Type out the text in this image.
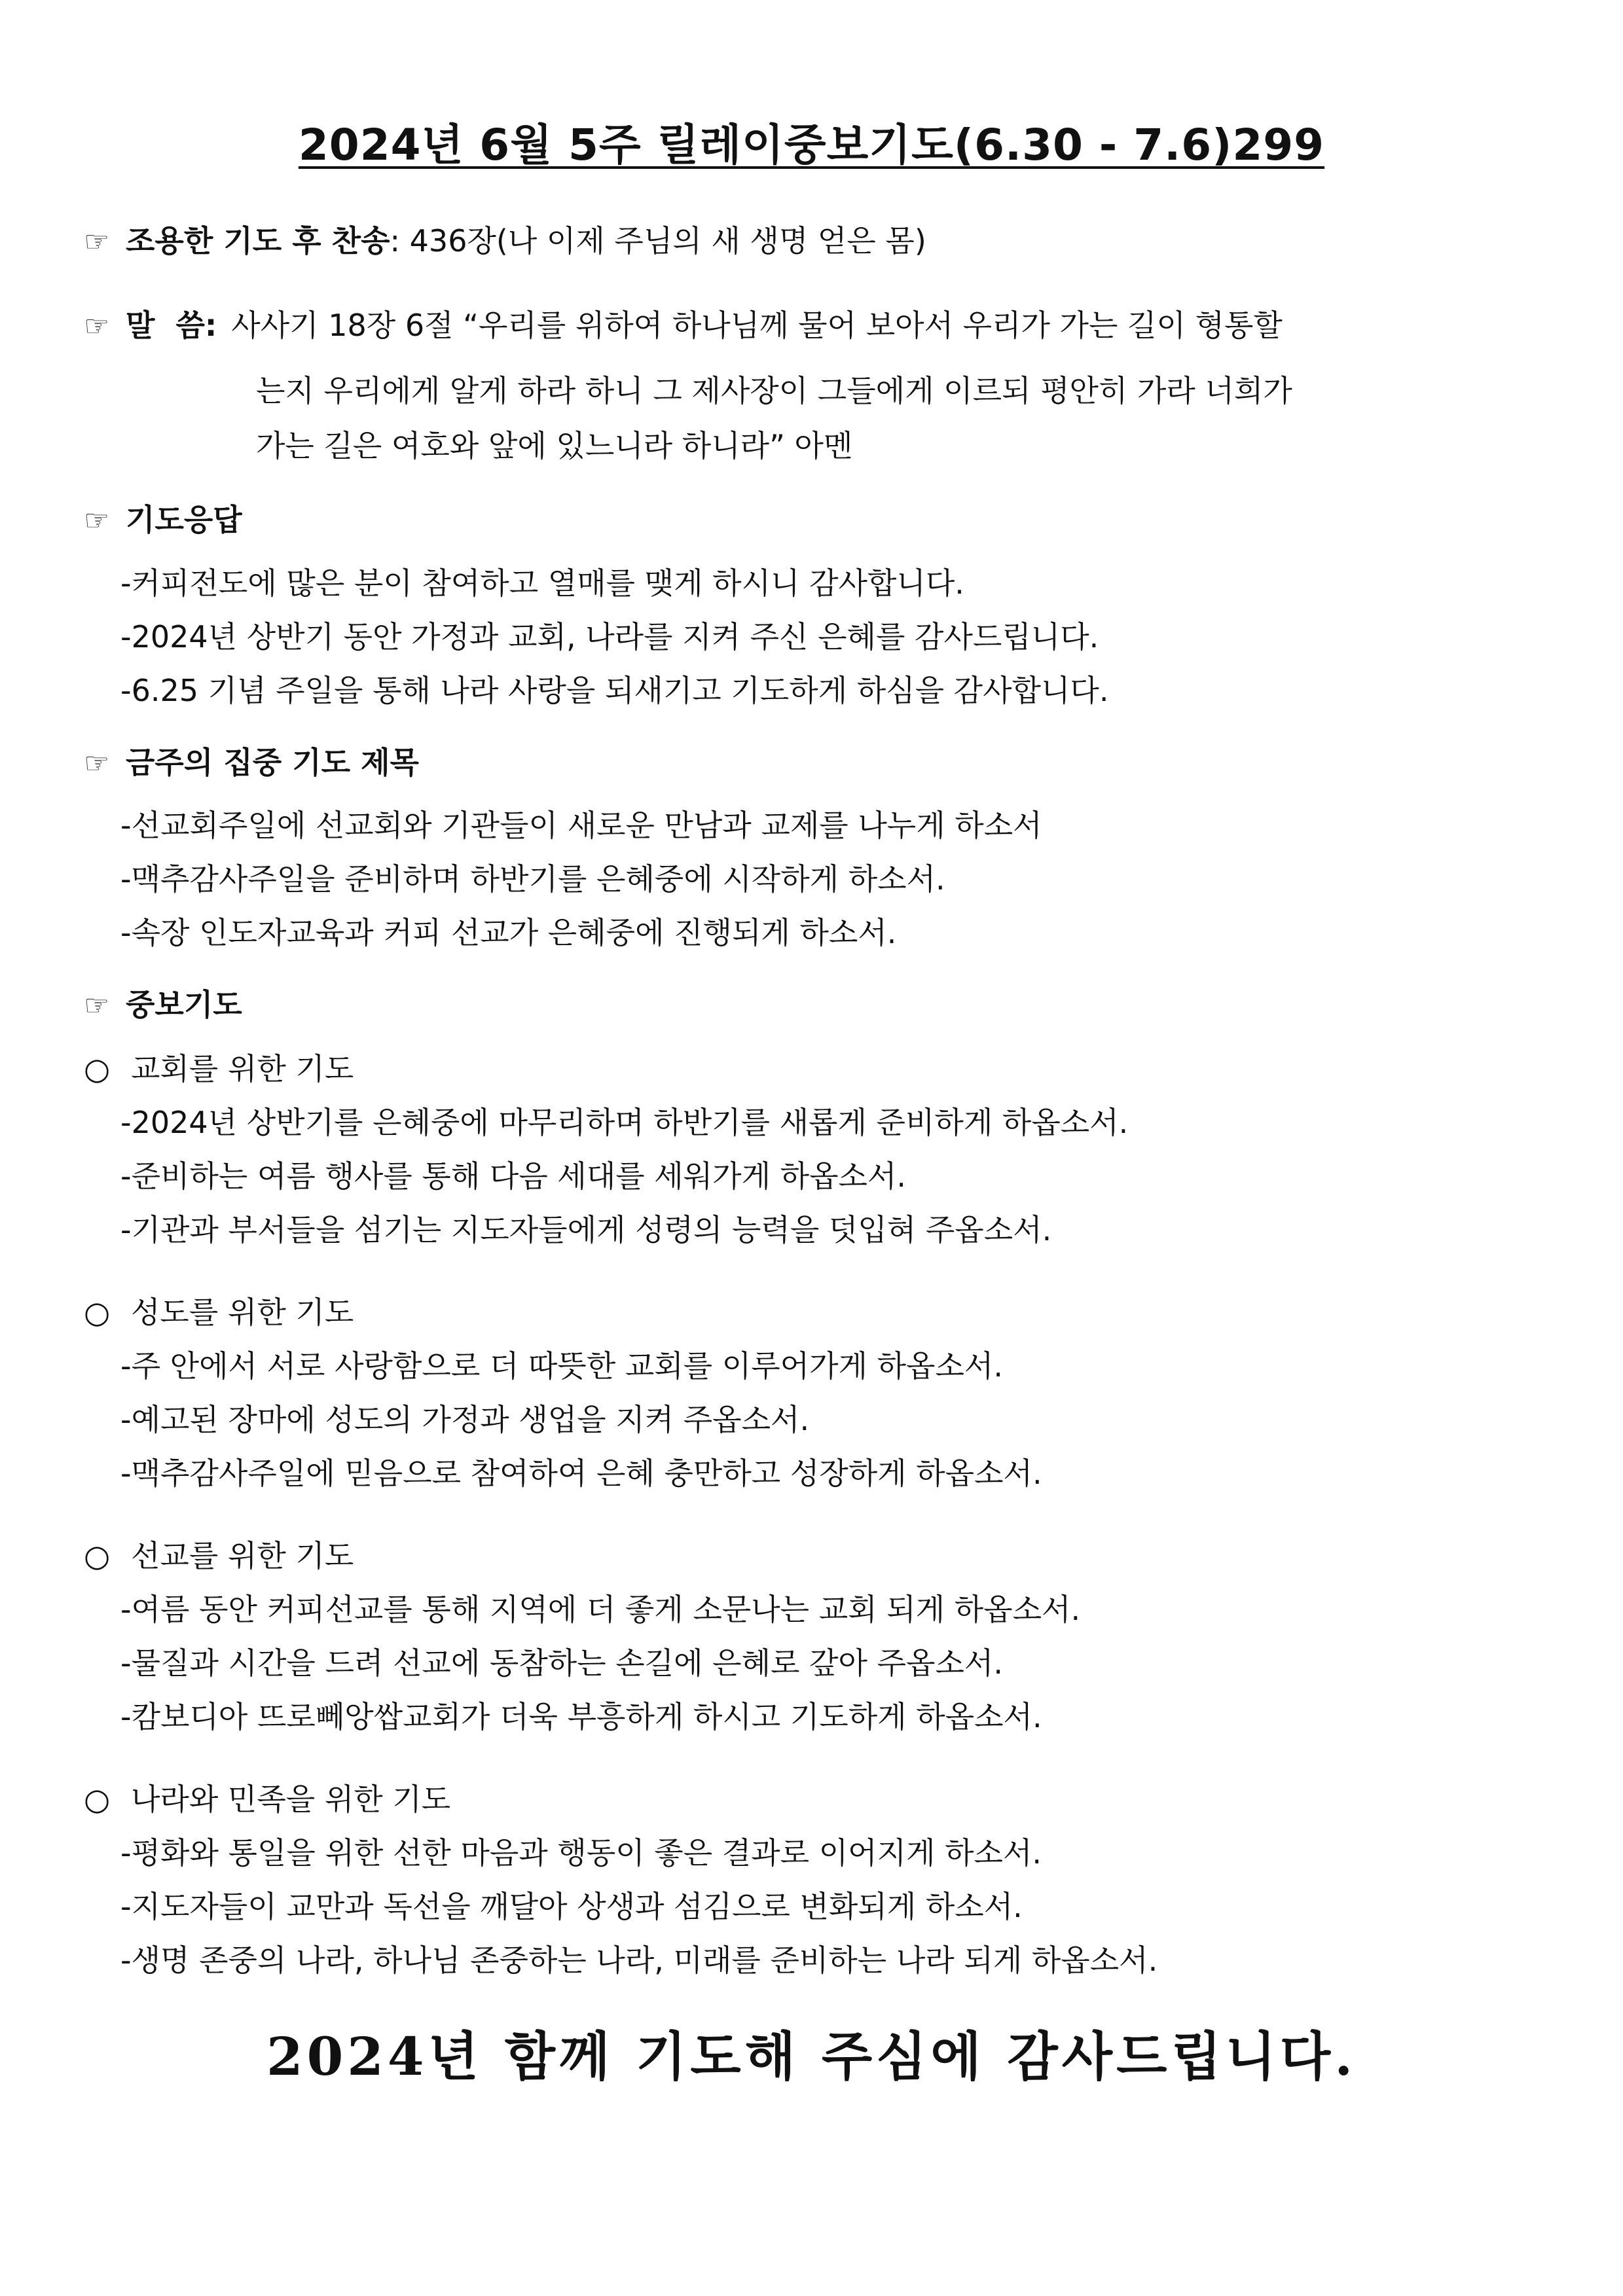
2024년 6월 5주 릴레이중보기도(6.30 - 7.6)299
☞ 조용한 기도 후 찬송: 436장(나 이제 주님의 새 생명 얻은 몸)
☞ 말  씀: 사사기 18장 6절 “우리를 위하여 하나님께 물어 보아서 우리가 가는 길이 형통할
는지 우리에게 알게 하라 하니 그 제사장이 그들에게 이르되 평안히 가라 너희가
가는 길은 여호와 앞에 있느니라 하니라” 아멘
☞ 기도응답
-커피전도에 많은 분이 참여하고 열매를 맺게 하시니 감사합니다.
-2024년 상반기 동안 가정과 교회, 나라를 지켜 주신 은혜를 감사드립니다.
-6.25 기념 주일을 통해 나라 사랑을 되새기고 기도하게 하심을 감사합니다.
☞ 금주의 집중 기도 제목
-선교회주일에 선교회와 기관들이 새로운 만남과 교제를 나누게 하소서
-맥추감사주일을 준비하며 하반기를 은혜중에 시작하게 하소서.
-속장 인도자교육과 커피 선교가 은혜중에 진행되게 하소서.
☞ 중보기도
○ 교회를 위한 기도
-2024년 상반기를 은혜중에 마무리하며 하반기를 새롭게 준비하게 하옵소서.
-준비하는 여름 행사를 통해 다음 세대를 세워가게 하옵소서.
-기관과 부서들을 섬기는 지도자들에게 성령의 능력을 덧입혀 주옵소서.
○ 성도를 위한 기도
-주 안에서 서로 사랑함으로 더 따뜻한 교회를 이루어가게 하옵소서.
-예고된 장마에 성도의 가정과 생업을 지켜 주옵소서.
-맥추감사주일에 믿음으로 참여하여 은혜 충만하고 성장하게 하옵소서.
○ 선교를 위한 기도
-여름 동안 커피선교를 통해 지역에 더 좋게 소문나는 교회 되게 하옵소서.
-물질과 시간을 드려 선교에 동참하는 손길에 은혜로 갚아 주옵소서.
-캄보디아 뜨로뻬앙쌉교회가 더욱 부흥하게 하시고 기도하게 하옵소서.
○ 나라와 민족을 위한 기도
-평화와 통일을 위한 선한 마음과 행동이 좋은 결과로 이어지게 하소서.
-지도자들이 교만과 독선을 깨달아 상생과 섬김으로 변화되게 하소서.
-생명 존중의 나라, 하나님 존중하는 나라, 미래를 준비하는 나라 되게 하옵소서.
2024년 함께 기도해 주심에 감사드립니다.
